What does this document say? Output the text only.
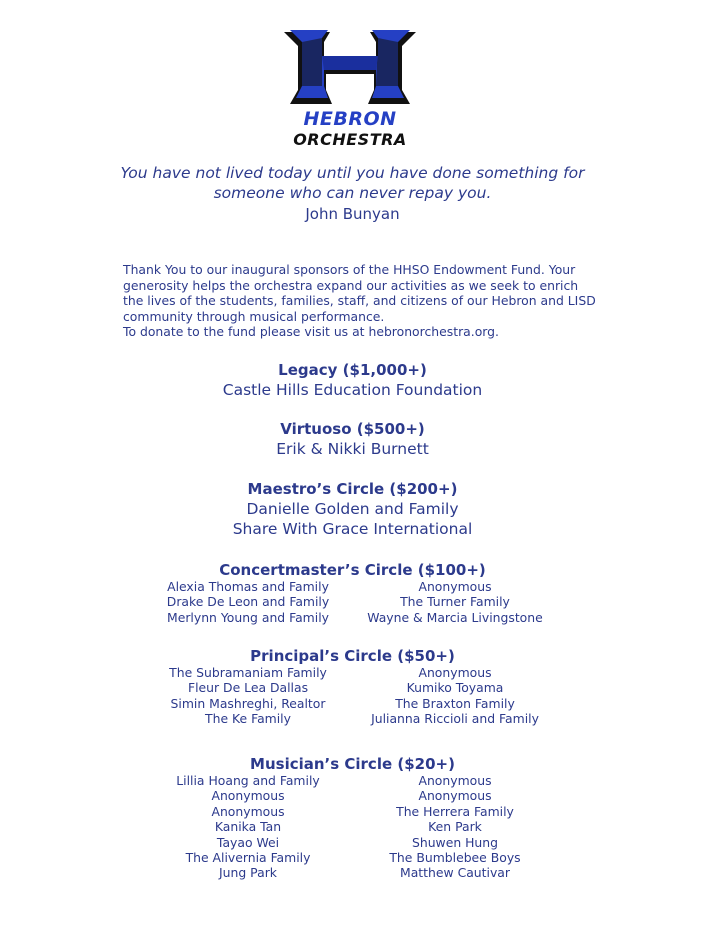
HEBRON
ORCHESTRA
You have not lived today until you have done something for
someone who can never repay you.
John Bunyan

Thank You to our inaugural sponsors of the HHSO Endowment Fund. Your generosity helps the orchestra expand our activities as we seek to enrich the lives of the students, families, staff, and citizens of our Hebron and LISD community through musical performance.

To donate to the fund please visit us at hebronorchestra.org.

Legacy ($1,000+)
Castle Hills Education Foundation
Virtuoso ($500+)
Erik & Nikki Burnett
Maestro’s Circle ($200+)
Danielle Golden and Family
Share With Grace International
Concertmaster’s Circle ($100+)
Alexia Thomas and Family
Drake De Leon and Family
Merlynn Young and Family
Anonymous
The Turner Family
Wayne & Marcia Livingstone
Principal’s Circle ($50+)
The Subramaniam Family
Fleur De Lea Dallas
Simin Mashreghi, Realtor
The Ke Family
Anonymous
Kumiko Toyama
The Braxton Family
Julianna Riccioli and Family
Musician’s Circle ($20+)
Lillia Hoang and Family
Anonymous
Anonymous
Kanika Tan
Tayao Wei
The Alivernia Family
Jung Park
Anonymous
Anonymous
The Herrera Family
Ken Park
Shuwen Hung
The Bumblebee Boys
Matthew Cautivar
